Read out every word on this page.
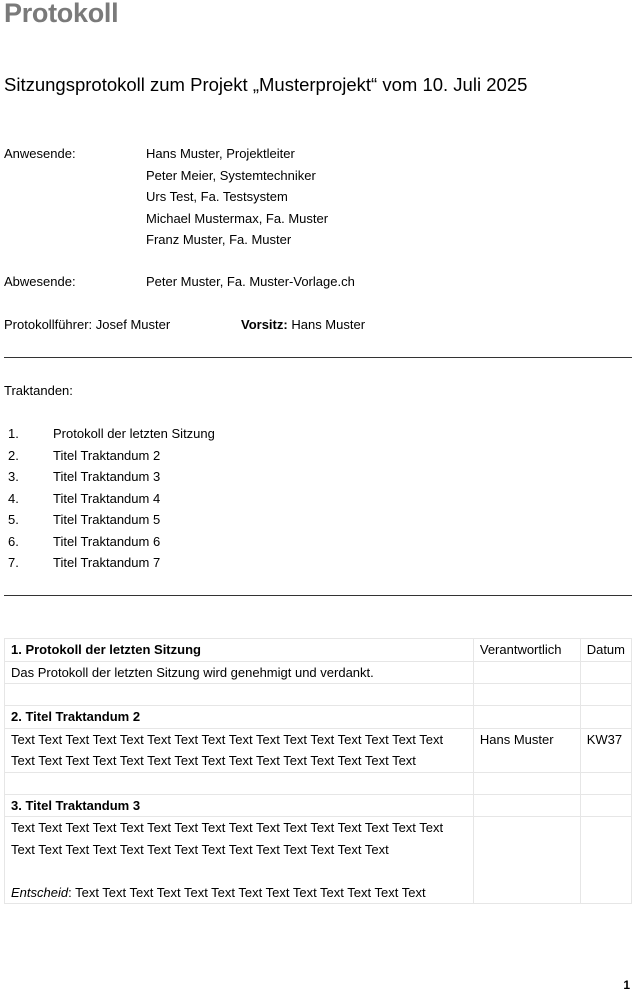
Protokoll
Sitzungsprotokoll zum Projekt „Musterprojekt“ vom 10. Juli 2025
Anwesende:	Hans Muster, Projektleiter
Peter Meier, Systemtechniker
Urs Test, Fa. Testsystem
Michael Mustermax, Fa. Muster
Franz Muster, Fa. Muster
Abwesende:	Peter Muster, Fa. Muster-Vorlage.ch
Protokollführer: Josef Muster	Vorsitz: Hans Muster
Traktanden:
1.	Protokoll der letzten Sitzung
2.	Titel Traktandum 2
3.	Titel Traktandum 3
4.	Titel Traktandum 4
5.	Titel Traktandum 5
6.	Titel Traktandum 6
7.	Titel Traktandum 7
1. Protokoll der letzten Sitzung	Verantwortlich	Datum
Das Protokoll der letzten Sitzung wird genehmigt und verdankt.		

2. Titel Traktandum 2		
Text Text Text Text Text Text Text Text Text Text Text Text Text Text Text Text Text Text Text Text Text Text Text Text Text Text Text Text Text Text Text	Hans Muster	KW37

3. Titel Traktandum 3		

Text Text Text Text Text Text Text Text Text Text Text Text Text Text Text Text Text Text Text Text Text Text Text Text Text Text Text Text Text Text
Entscheid: Text Text Text Text Text Text Text Text Text Text Text Text Text		

1
